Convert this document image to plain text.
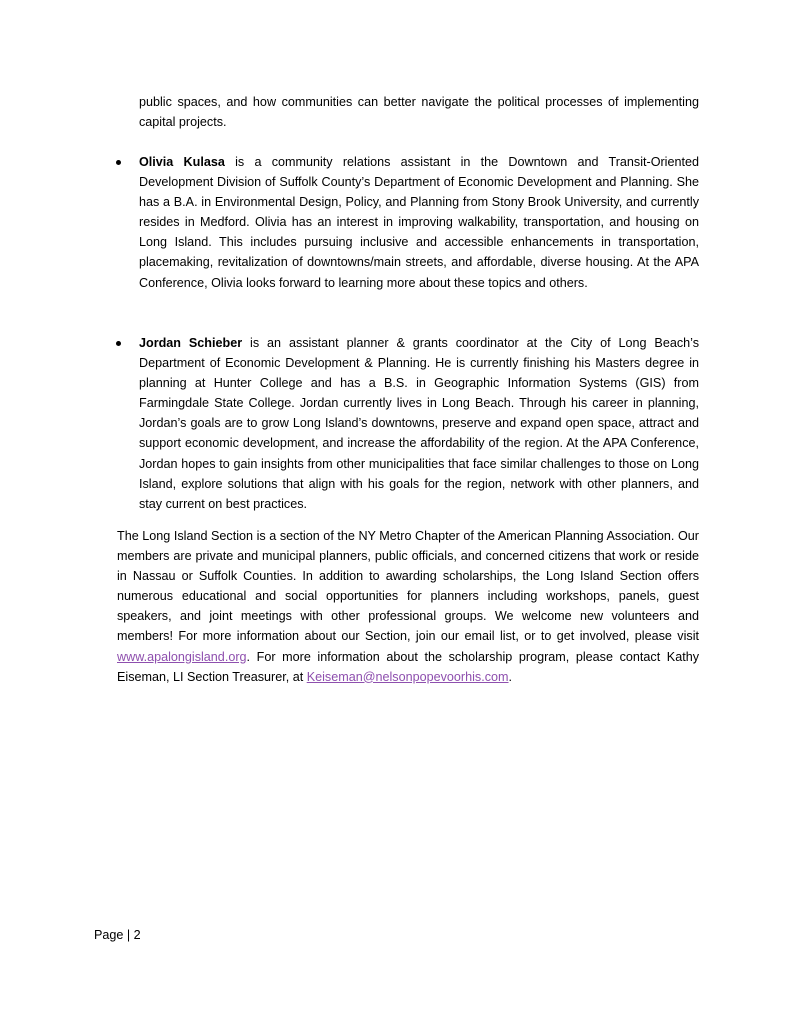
public spaces, and how communities can better navigate the political processes of implementing capital projects.

Olivia Kulasa is a community relations assistant in the Downtown and Transit-Oriented Development Division of Suffolk County’s Department of Economic Development and Planning. She has a B.A. in Environmental Design, Policy, and Planning from Stony Brook University, and currently resides in Medford. Olivia has an interest in improving walkability, transportation, and housing on Long Island. This includes pursuing inclusive and accessible enhancements in transportation, placemaking, revitalization of downtowns/main streets, and affordable, diverse housing. At the APA Conference, Olivia looks forward to learning more about these topics and others.
Jordan Schieber is an assistant planner & grants coordinator at the City of Long Beach’s Department of Economic Development & Planning. He is currently finishing his Masters degree in planning at Hunter College and has a B.S. in Geographic Information Systems (GIS) from Farmingdale State College. Jordan currently lives in Long Beach. Through his career in planning, Jordan’s goals are to grow Long Island’s downtowns, preserve and expand open space, attract and support economic development, and increase the affordability of the region. At the APA Conference, Jordan hopes to gain insights from other municipalities that face similar challenges to those on Long Island, explore solutions that align with his goals for the region, network with other planners, and stay current on best practices.

The Long Island Section is a section of the NY Metro Chapter of the American Planning Association. Our members are private and municipal planners, public officials, and concerned citizens that work or reside in Nassau or Suffolk Counties. In addition to awarding scholarships, the Long Island Section offers numerous educational and social opportunities for planners including workshops, panels, guest speakers, and joint meetings with other professional groups. We welcome new volunteers and members! For more information about our Section, join our email list, or to get involved, please visit www.apalongisland.org. For more information about the scholarship program, please contact Kathy Eiseman, LI Section Treasurer, at Keiseman@nelsonpopevoorhis.com.

Page | 2
